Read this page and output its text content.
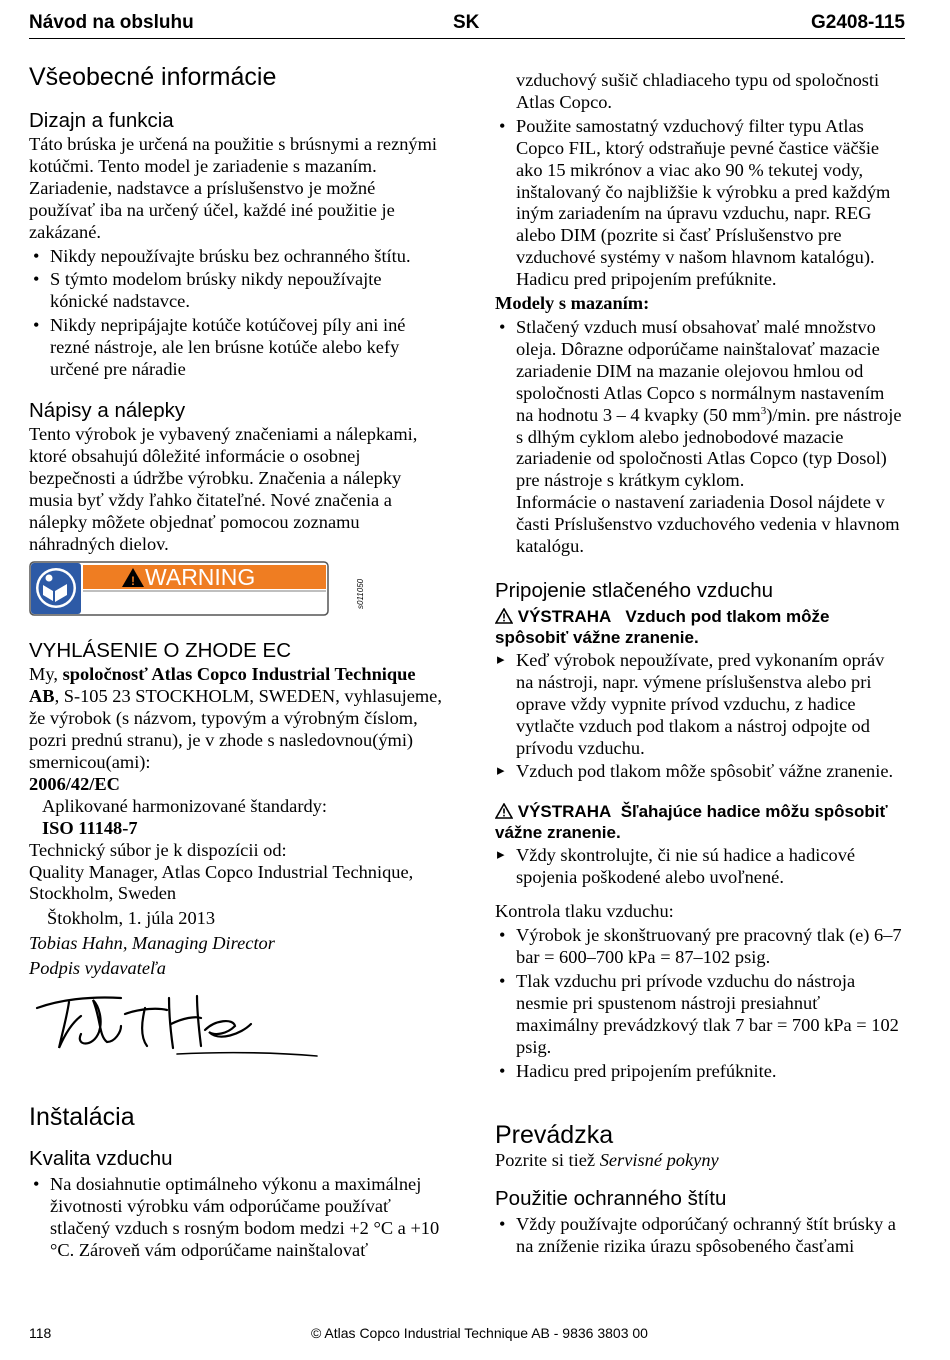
Návod na obsluhu	SK	G2408-115
Všeobecné informácie
Dizajn a funkcia

Táto brúska je určená na použitie s brúsnymi a reznými kotúčmi. Tento model je zariadenie s mazaním. Zariadenie, nadstavce a príslušenstvo je možné používať iba na určený účel, každé iné použitie je zakázané.

• Nikdy nepoužívajte brúsku bez ochranného štítu.
• S týmto modelom brúsky nikdy nepoužívajte kónické nadstavce.
• Nikdy nepripájajte kotúče kotúčovej píly ani iné rezné nástroje, ale len brúsne kotúče alebo kefy určené pre náradie
Nápisy a nálepky

Tento výrobok je vybavený značeniami a nálepkami, ktoré obsahujú dôležité informácie o osobnej bezpečnosti a údržbe výrobku. Značenia a nálepky musia byť vždy ľahko čitateľné. Nové značenia a nálepky môžete objednať pomocou zoznamu náhradných dielov.

! WARNING
s011050
VYHLÁSENIE O ZHODE EC

My, spoločnosť Atlas Copco Industrial Technique AB, S-105 23 STOCKHOLM, SWEDEN, vyhlasujeme, že výrobok (s názvom, typovým a výrobným číslom, pozri prednú stranu), je v zhode s nasledovnou(ými) smernicou(ami):

2006/42/EC

Aplikované harmonizované štandardy:

ISO 11148-7

Technický súbor je k dispozícii od:

Quality Manager, Atlas Copco Industrial Technique, Stockholm, Sweden

Štokholm, 1. júla 2013

Tobias Hahn, Managing Director

Podpis vydavateľa

Inštalácia
Kvalita vzduchu
• Na dosiahnutie optimálneho výkonu a maximálnej životnosti výrobku vám odporúčame používať stlačený vzduch s rosným bodom medzi +2 °C a +10 °C. Zároveň vám odporúčame nainštalovať

vzduchový sušič chladiaceho typu od spoločnosti Atlas Copco.

• Použite samostatný vzduchový filter typu Atlas Copco FIL, ktorý odstraňuje pevné častice väčšie ako 15 mikrónov a viac ako 90 % tekutej vody, inštalovaný čo najbližšie k výrobku a pred každým iným zariadením na úpravu vzduchu, napr. REG alebo DIM (pozrite si časť Príslušenstvo pre vzduchové systémy v našom hlavnom katalógu). Hadicu pred pripojením prefúknite.

Modely s mazaním:

• Stlačený vzduch musí obsahovať malé množstvo oleja. Dôrazne odporúčame nainštalovať mazacie zariadenie DIM na mazanie olejovou hmlou od spoločnosti Atlas Copco s normálnym nastavením na hodnotu 3 – 4 kvapky (50 $mm^3)/\min$. pre nástroje s dlhým cyklom alebo jednobodové mazacie zariadenie od spoločnosti Atlas Copco (typ Dosol) pre nástroje s krátkym cyklom.

Informácie o nastavení zariadenia Dosol nájdete v časti Príslušenstvo vzduchového vedenia v hlavnom katalógu.

Pripojenie stlačeného vzduchu

VÝSTRAHA Vzduch pod tlakom môže spôsobiť vážne zranenie.

▸ Keď výrobok nepoužívate, pred vykonaním opráv na nástroji, napr. výmene príslušenstva alebo pri oprave vždy vypnite prívod vzduchu, z hadice vytlačte vzduch pod tlakom a nástroj odpojte od prívodu vzduchu.
▸ Vzduch pod tlakom môže spôsobiť vážne zranenie.

VÝSTRAHA Šľahajúce hadice môžu spôsobiť vážne zranenie.

▸ Vždy skontrolujte, či nie sú hadice a hadicové spojenia poškodené alebo uvoľnené.

Kontrola tlaku vzduchu:

• Výrobok je skonštruovaný pre pracovný tlak (e) 6–7 bar = 600–700 kPa = 87–102 psig.
• Tlak vzduchu pri prívode vzduchu do nástroja nesmie pri spustenom nástroji presiahnuť maximálny prevádzkový tlak 7 bar = 700 kPa = 102 psig.
• Hadicu pred pripojením prefúknite.
Prevádzka

Pozrite si tiež Servisné pokyny

Použitie ochranného štítu
• Vždy používajte odporúčaný ochranný štít brúsky a na zníženie rizika úrazu spôsobeného časťami
118	© Atlas Copco Industrial Technique AB - 9836 3803 00
